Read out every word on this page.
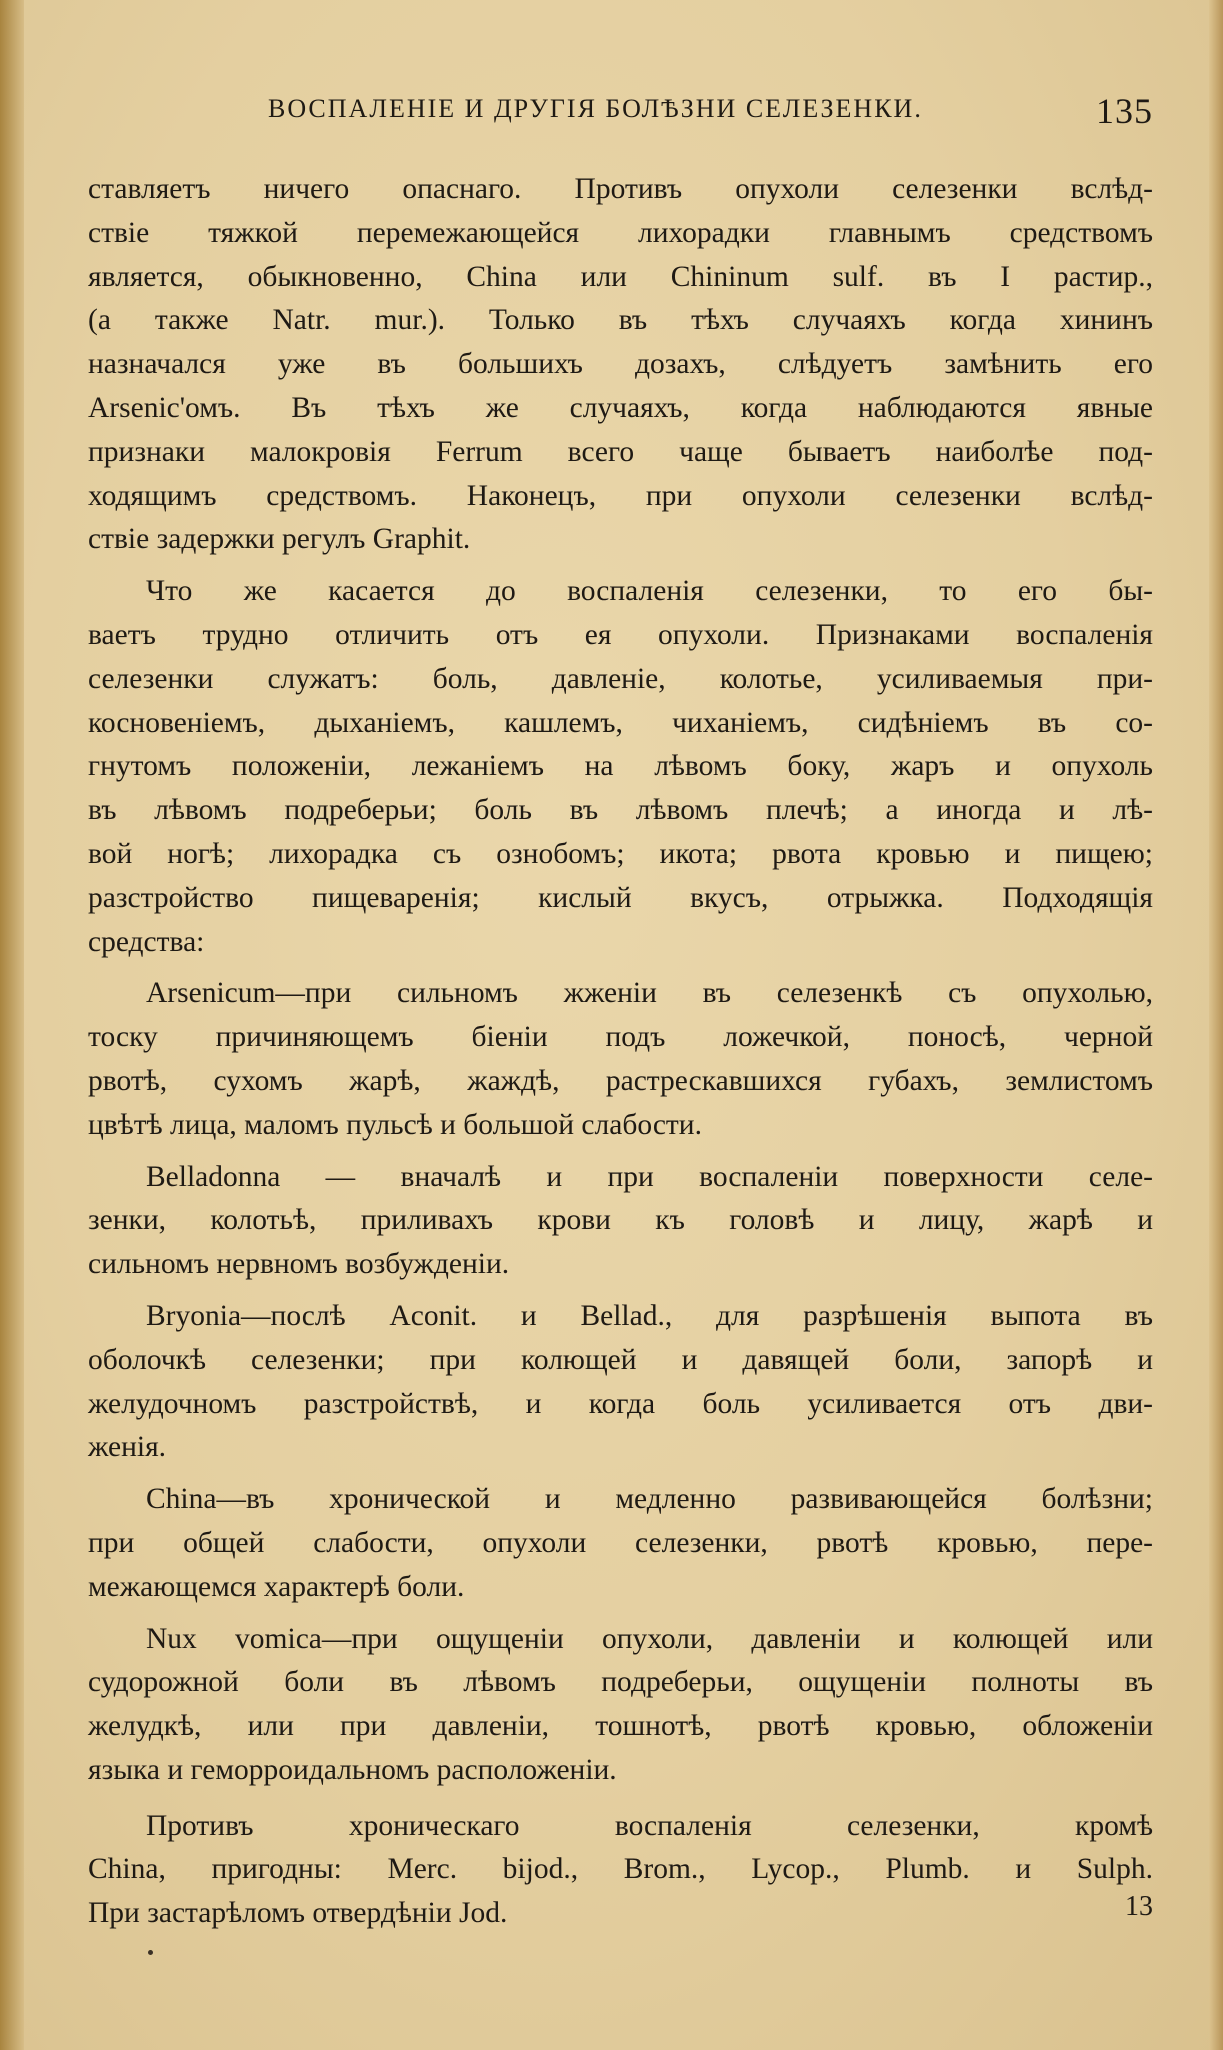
ВОСПАЛЕНІЕ И ДРУГІЯ БОЛѢЗНИ СЕЛЕЗЕНКИ.	135
ставляетъ ничего опаснаго. Противъ опухоли селезенки вслѣд-
ствіе тяжкой перемежающейся лихорадки главнымъ средствомъ
является, обыкновенно, China или Chininum sulf. въ I растир.,
(а также Natr. mur.). Только въ тѣхъ случаяхъ когда хининъ
назначался уже въ большихъ дозахъ, слѣдуетъ замѣнить его
Arsenic'омъ. Въ тѣхъ же случаяхъ, когда наблюдаются явные
признаки малокровія Ferrum всего чаще бываетъ наиболѣе под-
ходящимъ средствомъ. Наконецъ, при опухоли селезенки вслѣд-
ствіе задержки регулъ Graphit.
Что же касается до воспаленія селезенки, то его бы-
ваетъ трудно отличить отъ ея опухоли. Признаками воспаленія
селезенки служатъ: боль, давленіе, колотье, усиливаемыя при-
косновеніемъ, дыханіемъ, кашлемъ, чиханіемъ, сидѣніемъ въ со-
гнутомъ положеніи, лежаніемъ на лѣвомъ боку, жаръ и опухоль
въ лѣвомъ подреберьи; боль въ лѣвомъ плечѣ; а иногда и лѣ-
вой ногѣ; лихорадка съ ознобомъ; икота; рвота кровью и пищею;
разстройство пищеваренія; кислый вкусъ, отрыжка. Подходящія
средства:
Arsenicum—при сильномъ жженіи въ селезенкѣ съ опухолью,
тоску причиняющемъ біеніи подъ ложечкой, поносѣ, черной
рвотѣ, сухомъ жарѣ, жаждѣ, растрескавшихся губахъ, землистомъ
цвѣтѣ лица, маломъ пульсѣ и большой слабости.
Belladonna — вначалѣ и при воспаленіи поверхности селе-
зенки, колотьѣ, приливахъ крови къ головѣ и лицу, жарѣ и
сильномъ нервномъ возбужденіи.
Bryonia—послѣ Aconit. и Bellad., для разрѣшенія выпота въ
оболочкѣ селезенки; при колющей и давящей боли, запорѣ и
желудочномъ разстройствѣ, и когда боль усиливается отъ дви-
женія.
China—въ хронической и медленно развивающейся болѣзни;
при общей слабости, опухоли селезенки, рвотѣ кровью, пере-
межающемся характерѣ боли.
Nux vomica—при ощущеніи опухоли, давленіи и колющей или
судорожной боли въ лѣвомъ подреберьи, ощущеніи полноты въ
желудкѣ, или при давленіи, тошнотѣ, рвотѣ кровью, обложеніи
языка и геморроидальномъ расположеніи.
Противъ хроническаго воспаленія селезенки, кромѣ
China, пригодны: Merc. bijod., Brom., Lycop., Plumb. и Sulph.
При застарѣломъ отвердѣніи Jod.	13
